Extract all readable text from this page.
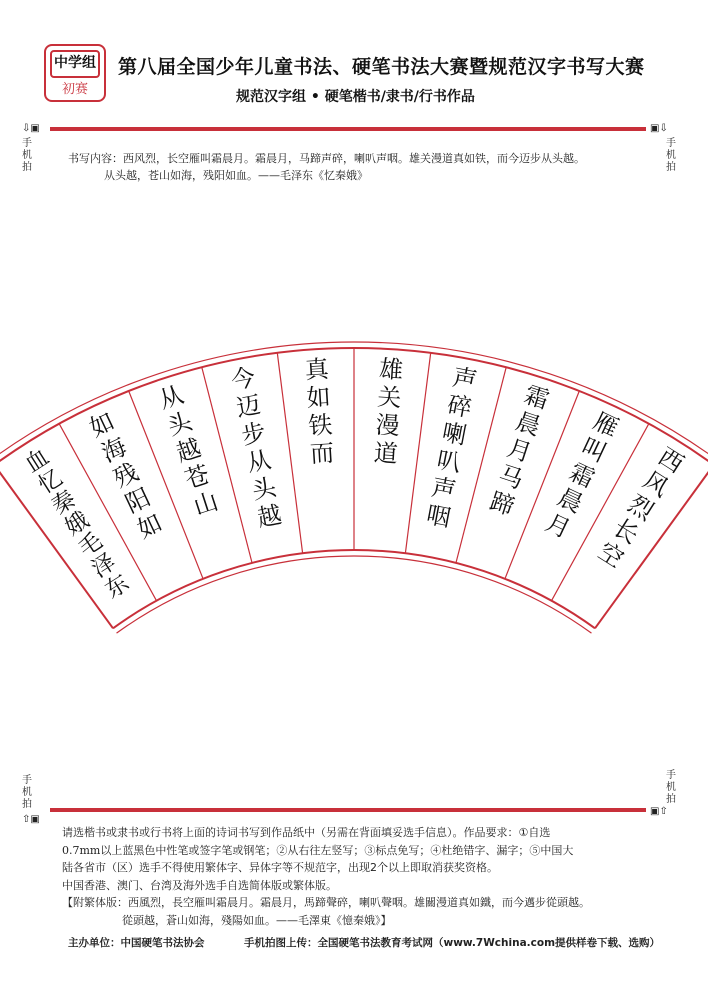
中学组
初赛
第八届全国少年儿童书法、硬笔书法大赛暨规范汉字书写大赛
规范汉字组 • 硬笔楷书/隶书/行书作品
⇩▣
手机拍
▣⇩
手机拍
书写内容：西风烈，长空雁叫霜晨月。霜晨月，马蹄声碎，喇叭声咽。雄关漫道真如铁，而今迈步从头越。
从头越，苍山如海，残阳如血。——毛泽东《忆秦娥》
西
风
烈
长
空
雁
叫
霜
晨
月
霜
晨
月
马
蹄
声
碎
喇
叭
声
咽
雄
关
漫
道
真
如
铁
而
今
迈
步
从
头
越
从
头
越
苍
山
如
海
残
阳
如
血
忆
秦
娥
毛
泽
东
手机拍
⇧▣
手机拍
▣⇧
请选楷书或隶书或行书将上面的诗词书写到作品纸中（另需在背面填妥选手信息）。作品要求：①自选
0.7mm以上蓝黑色中性笔或签字笔或钢笔；②从右往左竖写；③标点免写；④杜绝错字、漏字；⑤中国大
陆各省市（区）选手不得使用繁体字、异体字等不规范字，出现2个以上即取消获奖资格。
中国香港、澳门、台湾及海外选手自选简体版或繁体版。
【附繁体版：西風烈，長空雁叫霜晨月。霜晨月，馬蹄聲碎，喇叭聲咽。雄關漫道真如鐵，而今邁步從頭越。
從頭越，蒼山如海，殘陽如血。——毛澤東《憶秦娥》】
主办单位：中国硬笔书法协会	手机拍图上传：全国硬笔书法教育考试网（www.7Wchina.com提供样卷下载、选购）
